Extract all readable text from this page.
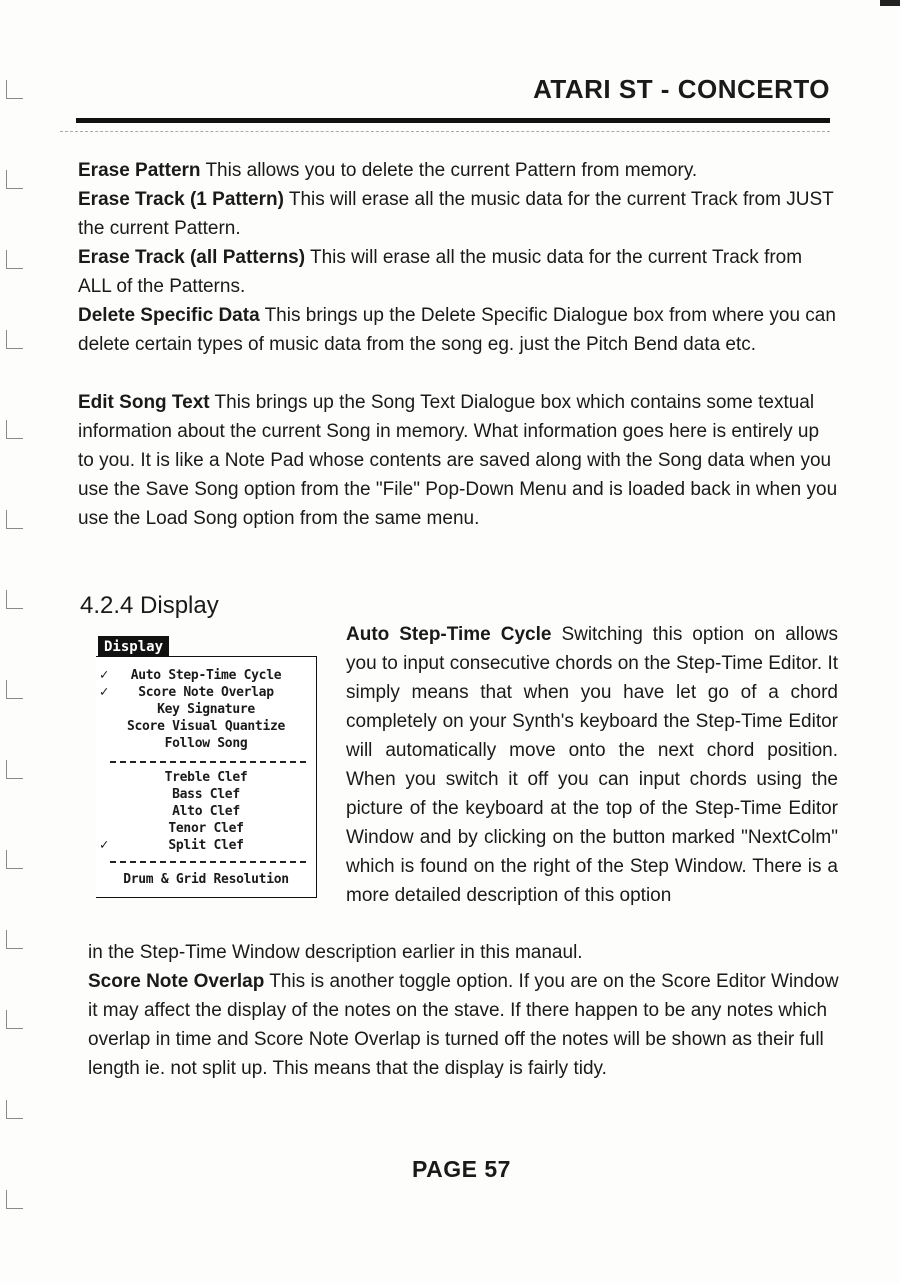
ATARI ST - CONCERTO

Erase Pattern This allows you to delete the current Pattern from memory.

Erase Track (1 Pattern) This will erase all the music data for the current Track from JUST the current Pattern.

Erase Track (all Patterns) This will erase all the music data for the current Track from ALL of the Patterns.

Delete Specific Data This brings up the Delete Specific Dialogue box from where you can delete certain types of music data from the song eg. just the Pitch Bend data etc.

Edit Song Text This brings up the Song Text Dialogue box which contains some textual information about the current Song in memory. What information goes here is entirely up to you. It is like a Note Pad whose contents are saved along with the Song data when you use the Save Song option from the "File" Pop-Down Menu and is loaded back in when you use the Load Song option from the same menu.

4.2.4 Display
Display
✓ Auto Step-Time Cycle
✓ Score Note Overlap
Key Signature
Score Visual Quantize
Follow Song
Treble Clef
Bass Clef
Alto Clef
Tenor Clef
✓	Split Clef
Drum & Grid Resolution

Auto Step-Time Cycle Switching this option on allows you to input consecutive chords on the Step-Time Editor. It simply means that when you have let go of a chord completely on your Synth's keyboard the Step-Time Editor will automatically move onto the next chord position. When you switch it off you can input chords using the picture of the keyboard at the top of the Step-Time Editor Window and by clicking on the button marked "NextColm" which is found on the right of the Step Window. There is a more detailed description of this option

in the Step-Time Window description earlier in this manaul.

Score Note Overlap This is another toggle option. If you are on the Score Editor Window it may affect the display of the notes on the stave. If there happen to be any notes which overlap in time and Score Note Overlap is turned off the notes will be shown as their full length ie. not split up. This means that the display is fairly tidy.

PAGE 57
